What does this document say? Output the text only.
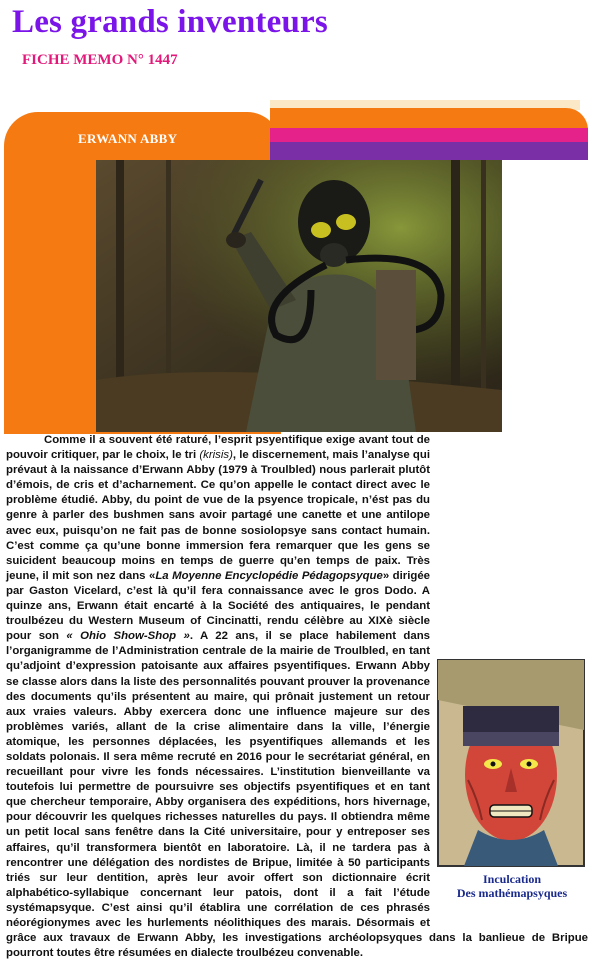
Les grands inventeurs
FICHE MEMO N° 1447
ERWANN ABBY
Inculcation
Des mathémapsyques
Comme il a souvent été raturé, l’esprit psyentifique exige avant tout de pouvoir critiquer, par le choix, le tri (krisis), le discernement, mais l’analyse qui prévaut à la naissance d’Erwann Abby (1979 à Troulbled) nous parlerait plutôt d’émois, de cris et d’acharnement. Ce qu’on appelle le contact direct avec le problème étudié. Abby, du point de vue de la psyence tropicale, n’ést pas du genre à parler des bushmen sans avoir partagé une canette et une antilope avec eux, puisqu’on ne fait pas de bonne sosiolopsye sans contact humain. C’est comme ça qu’une bonne immersion fera remarquer que les gens se suicident beaucoup moins en temps de guerre qu’en temps de paix. Très jeune, il mit son nez dans «La Moyenne Encyclopédie Pédagopsyque» dirigée par Gaston Vicelard, c’est là qu’il fera connaissance avec le gros Dodo. A quinze ans, Erwann était encarté à la Société des antiquaires, le pendant troulbézeu du Western Museum of Cincinatti, rendu célèbre au XIXè siècle pour son « Ohio Show-Shop ». A 22 ans, il se place habilement dans l’organigramme de l’Administration centrale de la mairie de Troulbled, en tant qu’adjoint d’expression patoisante aux affaires psyentifiques. Erwann Abby se classe alors dans la liste des personnalités pouvant prouver la provenance des documents qu’ils présentent au maire, qui prônait justement un retour aux vraies valeurs. Abby exercera donc une influence majeure sur des problèmes variés, allant de la crise alimentaire dans la ville, l’énergie atomique, les personnes déplacées, les psyentifiques allemands et les soldats polonais. Il sera même recruté en 2016 pour le secrétariat général, en recueillant pour vivre les fonds nécessaires. L’institution bienveillante va toutefois lui permettre de poursuivre ses objectifs psyentifiques et en tant que chercheur temporaire, Abby organisera des expéditions, hors hivernage, pour découvrir les quelques richesses naturelles du pays. Il obtiendra même un petit local sans fenêtre dans la Cité universitaire, pour y entreposer ses affaires, qu’il transformera bientôt en laboratoire. Là, il ne tardera pas à rencontrer une délégation des nordistes de Bripue, limitée à 50 participants triés sur leur dentition, après leur avoir offert son dictionnaire écrit alphabético-syllabique concernant leur patois, dont il a fait l’étude systémapsyque. C’est ainsi qu’il établira une corrélation de ces phrasés néorégionymes avec les hurlements néolithiques des marais. Désormais et grâce aux travaux de Erwann Abby, les investigations archéolopsyques dans la banlieue de Bripue pourront toutes être résumées en dialecte troulbézeu convenable.
